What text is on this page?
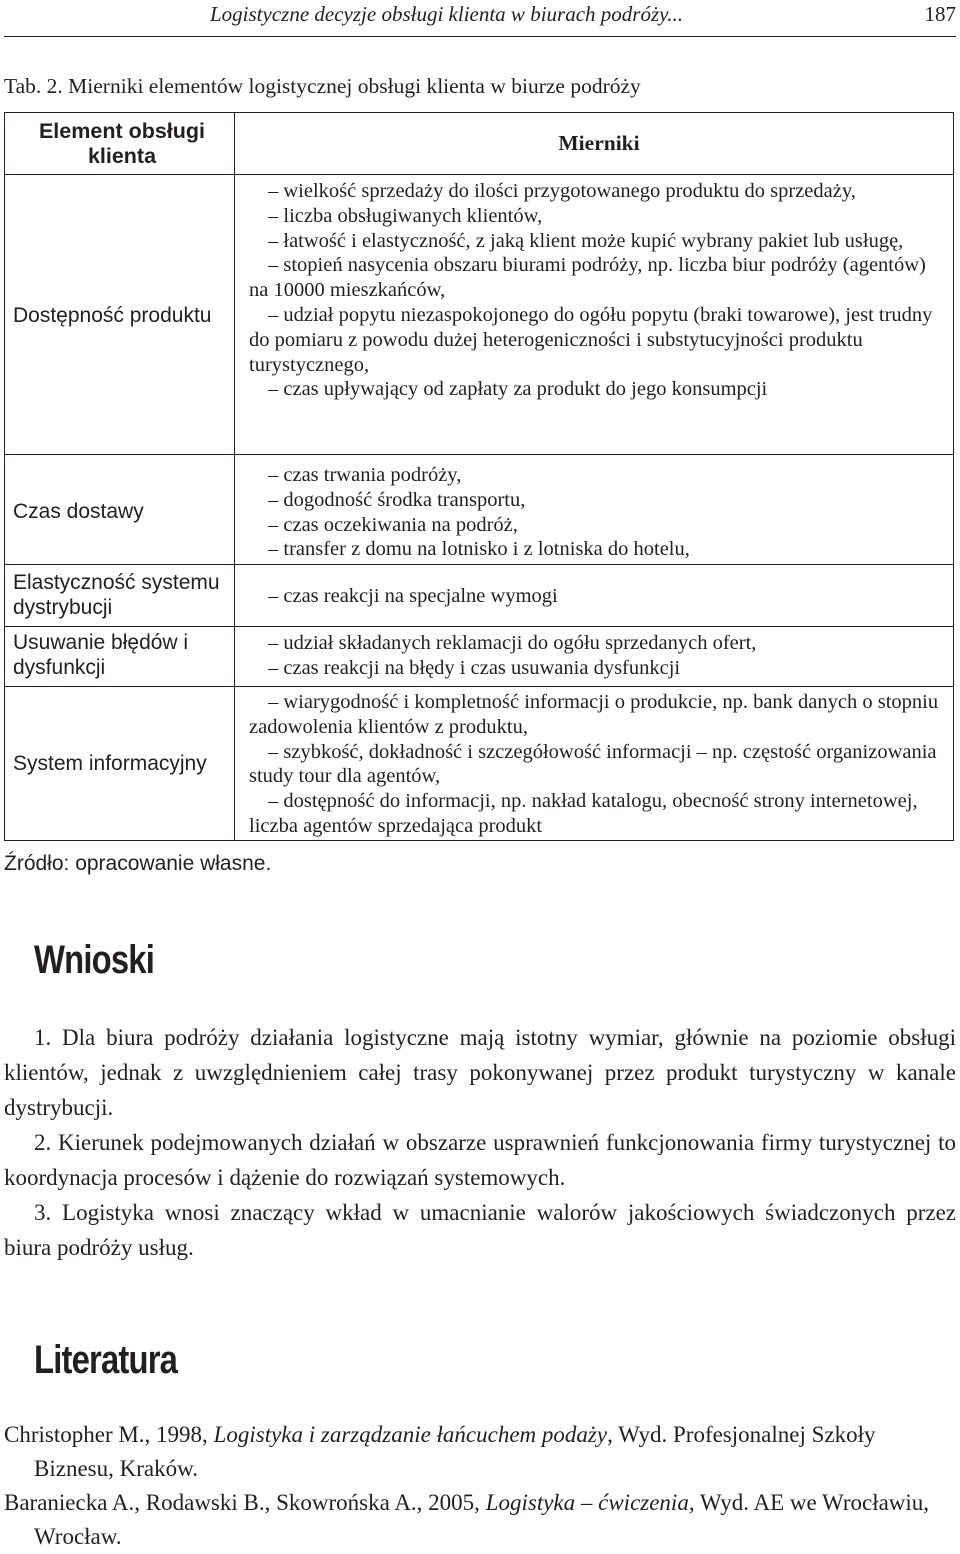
Logistyczne decyzje obsługi klienta w biurach podróży...	187
Tab. 2. Mierniki elementów logistycznej obsługi klienta w biurze podróży
Element obsługi klienta
Mierniki
Dostępność produktu

– wielkość sprzedaży do ilości przygotowanego produktu do sprzedaży,

– liczba obsługiwanych klientów,

– łatwość i elastyczność, z jaką klient może kupić wybrany pakiet lub usługę,

– stopień nasycenia obszaru biurami podróży, np. liczba biur podróży (agentów) na 10000 mieszkańców,

– udział popytu niezaspokojonego do ogółu popytu (braki towarowe), jest trudny do pomiaru z powodu dużej heterogeniczności i substytucyjności produktu turystycznego,

– czas upływający od zapłaty za produkt do jego konsumpcji

Czas dostawy

– czas trwania podróży,

– dogodność środka transportu,

– czas oczekiwania na podróż,

– transfer z domu na lotnisko i z lotniska do hotelu,

Elastyczność systemu dystrybucji	– czas reakcji na specjalne wymogi

Usuwanie błędów i dysfunkcji

– udział składanych reklamacji do ogółu sprzedanych ofert,

– czas reakcji na błędy i czas usuwania dysfunkcji

System informacyjny

– wiarygodność i kompletność informacji o produkcie, np. bank danych o stopniu zadowolenia klientów z produktu,

– szybkość, dokładność i szczegółowość informacji – np. częstość organizowania study tour dla agentów,

– dostępność do informacji, np. nakład katalogu, obecność strony internetowej, liczba agentów sprzedająca produkt

Źródło: opracowanie własne.
Wnioski

1. Dla biura podróży działania logistyczne mają istotny wymiar, głównie na poziomie obsługi klientów, jednak z uwzględnieniem całej trasy pokonywanej przez produkt turystyczny w kanale dystrybucji.

2. Kierunek podejmowanych działań w obszarze usprawnień funkcjonowania firmy turystycznej to koordynacja procesów i dążenie do rozwiązań systemowych.

3. Logistyka wnosi znaczący wkład w umacnianie walorów jakościowych świadczonych przez biura podróży usług.

Literatura

Christopher M., 1998, Logistyka i zarządzanie łańcuchem podaży, Wyd. Profesjonalnej Szkoły Biznesu, Kraków.

Baraniecka A., Rodawski B., Skowrońska A., 2005, Logistyka – ćwiczenia, Wyd. AE we Wrocławiu, Wrocław.
